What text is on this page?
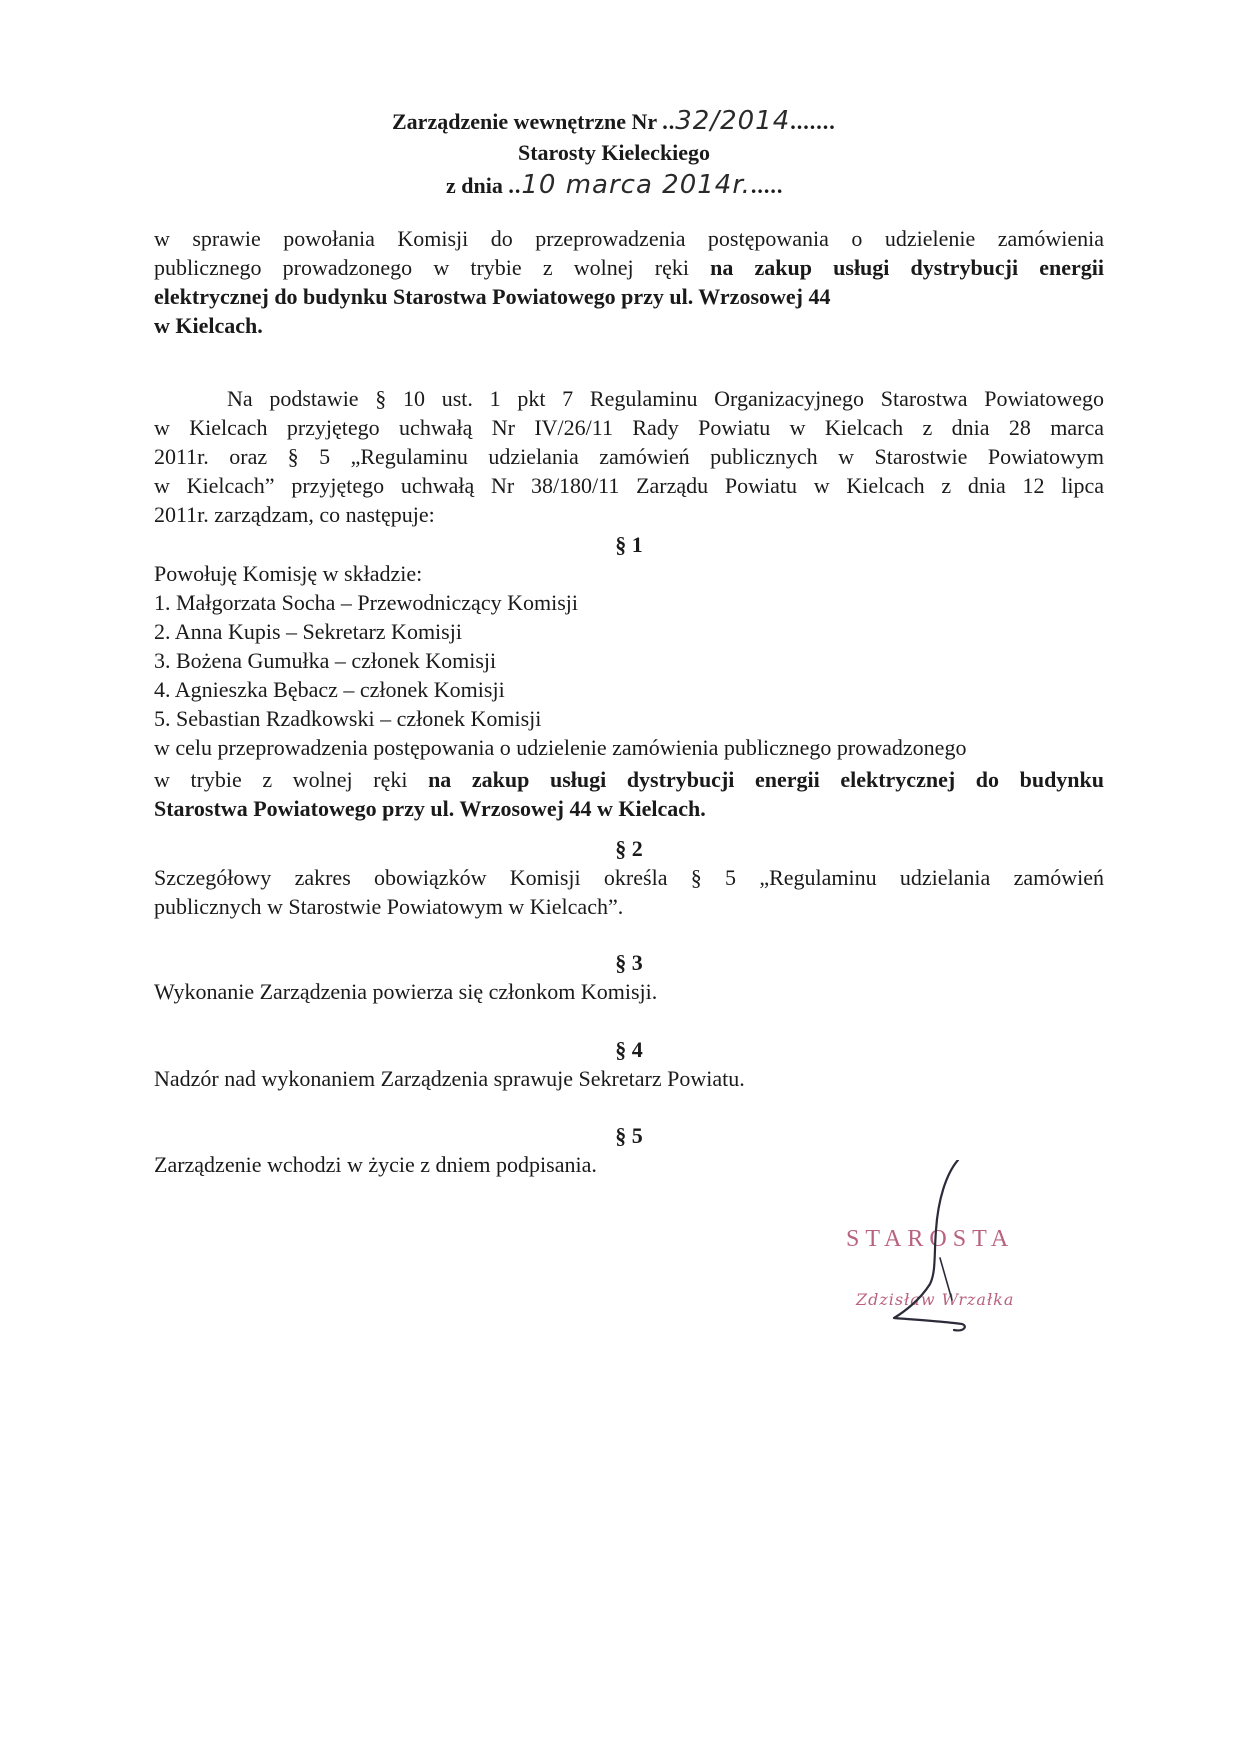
Zarządzenie wewnętrzne Nr ..32/2014.......
Starosty Kieleckiego
z dnia ..10 marca 2014r......
w sprawie powołania Komisji do przeprowadzenia postępowania o udzielenie zamówienia
publicznego prowadzonego w trybie z wolnej ręki na zakup usługi dystrybucji energii
elektrycznej do budynku Starostwa Powiatowego przy ul. Wrzosowej 44
w Kielcach.
Na podstawie § 10 ust. 1 pkt 7 Regulaminu Organizacyjnego Starostwa Powiatowego
w Kielcach przyjętego uchwałą Nr IV/26/11 Rady Powiatu w Kielcach z dnia 28 marca
2011r. oraz § 5 „Regulaminu udzielania zamówień publicznych w Starostwie Powiatowym
w Kielcach” przyjętego uchwałą Nr 38/180/11 Zarządu Powiatu w Kielcach z dnia 12 lipca
2011r. zarządzam, co następuje:
§ 1
Powołuję Komisję w składzie:
1. Małgorzata Socha – Przewodniczący Komisji
2. Anna Kupis – Sekretarz Komisji
3. Bożena Gumułka – członek Komisji
4. Agnieszka Bębacz – członek Komisji
5. Sebastian Rzadkowski – członek Komisji
w celu przeprowadzenia postępowania o udzielenie zamówienia publicznego prowadzonego
w trybie z wolnej ręki na zakup usługi dystrybucji energii elektrycznej do budynku
Starostwa Powiatowego przy ul. Wrzosowej 44 w Kielcach.
§ 2
Szczegółowy zakres obowiązków Komisji określa § 5 „Regulaminu udzielania zamówień
publicznych w Starostwie Powiatowym w Kielcach”.
§ 3
Wykonanie Zarządzenia powierza się członkom Komisji.
§ 4
Nadzór nad wykonaniem Zarządzenia sprawuje Sekretarz Powiatu.
§ 5
Zarządzenie wchodzi w życie z dniem podpisania.
STAROSTA
Zdzisław Wrzałka
